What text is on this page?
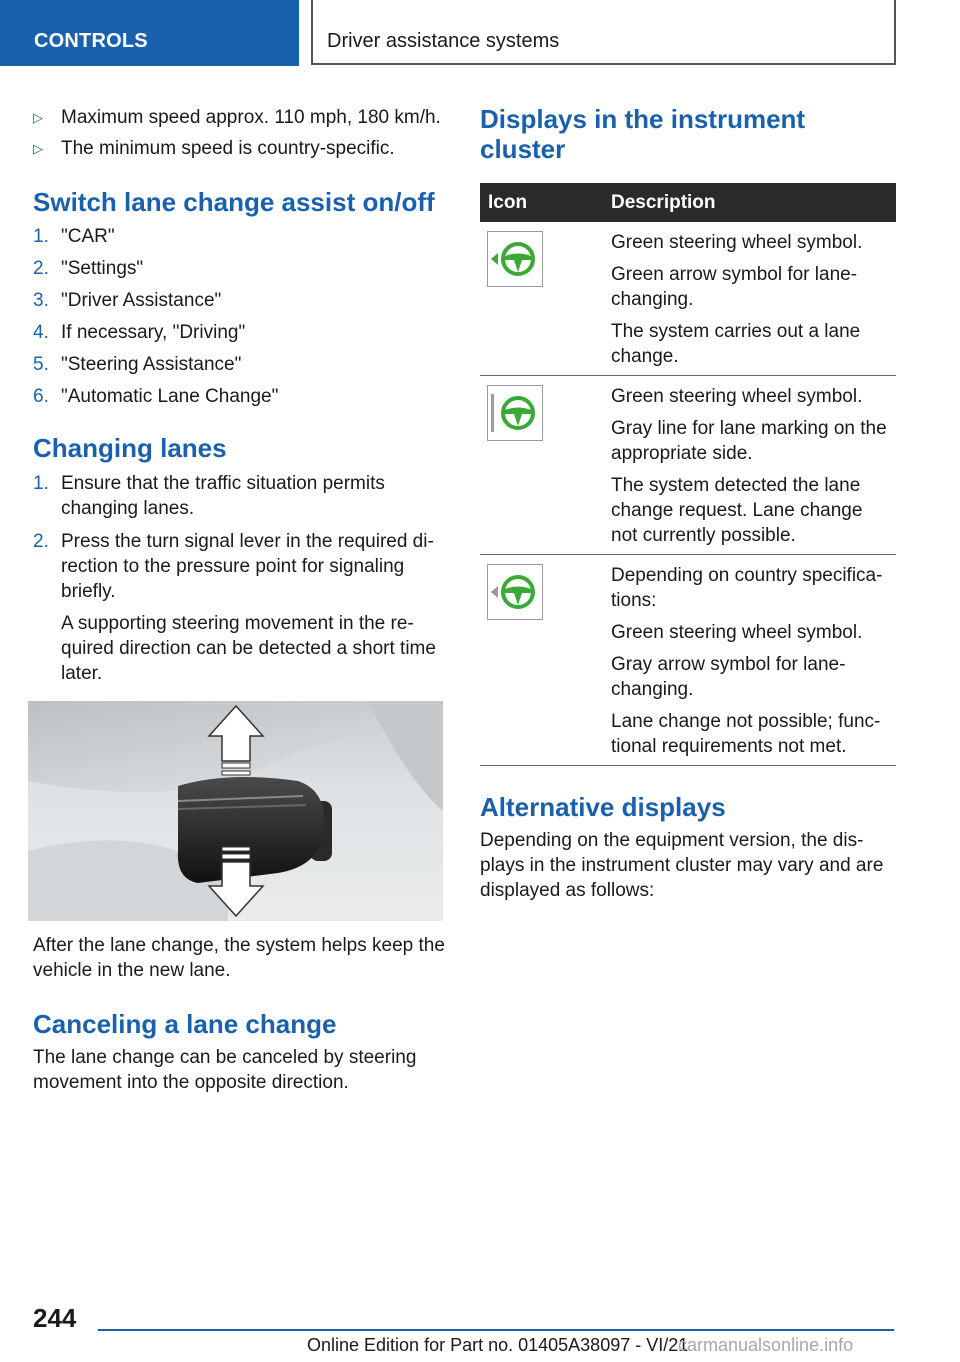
CONTROLS	Driver assistance systems
▷ Maximum speed approx. 110 mph, 180 km/h.
▷ The minimum speed is country-specific.
Switch lane change assist on/off
1. "CAR"
2. "Settings"
3. "Driver Assistance"
4. If necessary, "Driving"
5. "Steering Assistance"
6. "Automatic Lane Change"
Changing lanes
1. Ensure that the traffic situation permits
changing lanes.
2. Press the turn signal lever in the required di-
rection to the pressure point for signaling
briefly.
A supporting steering movement in the re-
quired direction can be detected a short time
later.
After the lane change, the system helps keep the
vehicle in the new lane.
Canceling a lane change
The lane change can be canceled by steering
movement into the opposite direction.
Displays in the instrument
cluster
Icon	Description
Green steering wheel symbol.
Green arrow symbol for lane-
changing.
The system carries out a lane
change.
Green steering wheel symbol.
Gray line for lane marking on the
appropriate side.
The system detected the lane
change request. Lane change
not currently possible.
Depending on country specifica-
tions:
Green steering wheel symbol.
Gray arrow symbol for lane-
changing.
Lane change not possible; func-
tional requirements not met.
Alternative displays
Depending on the equipment version, the dis-
plays in the instrument cluster may vary and are
displayed as follows:
244
Online Edition for Part no. 01405A38097 - VI/21
carmanualsonline.info
